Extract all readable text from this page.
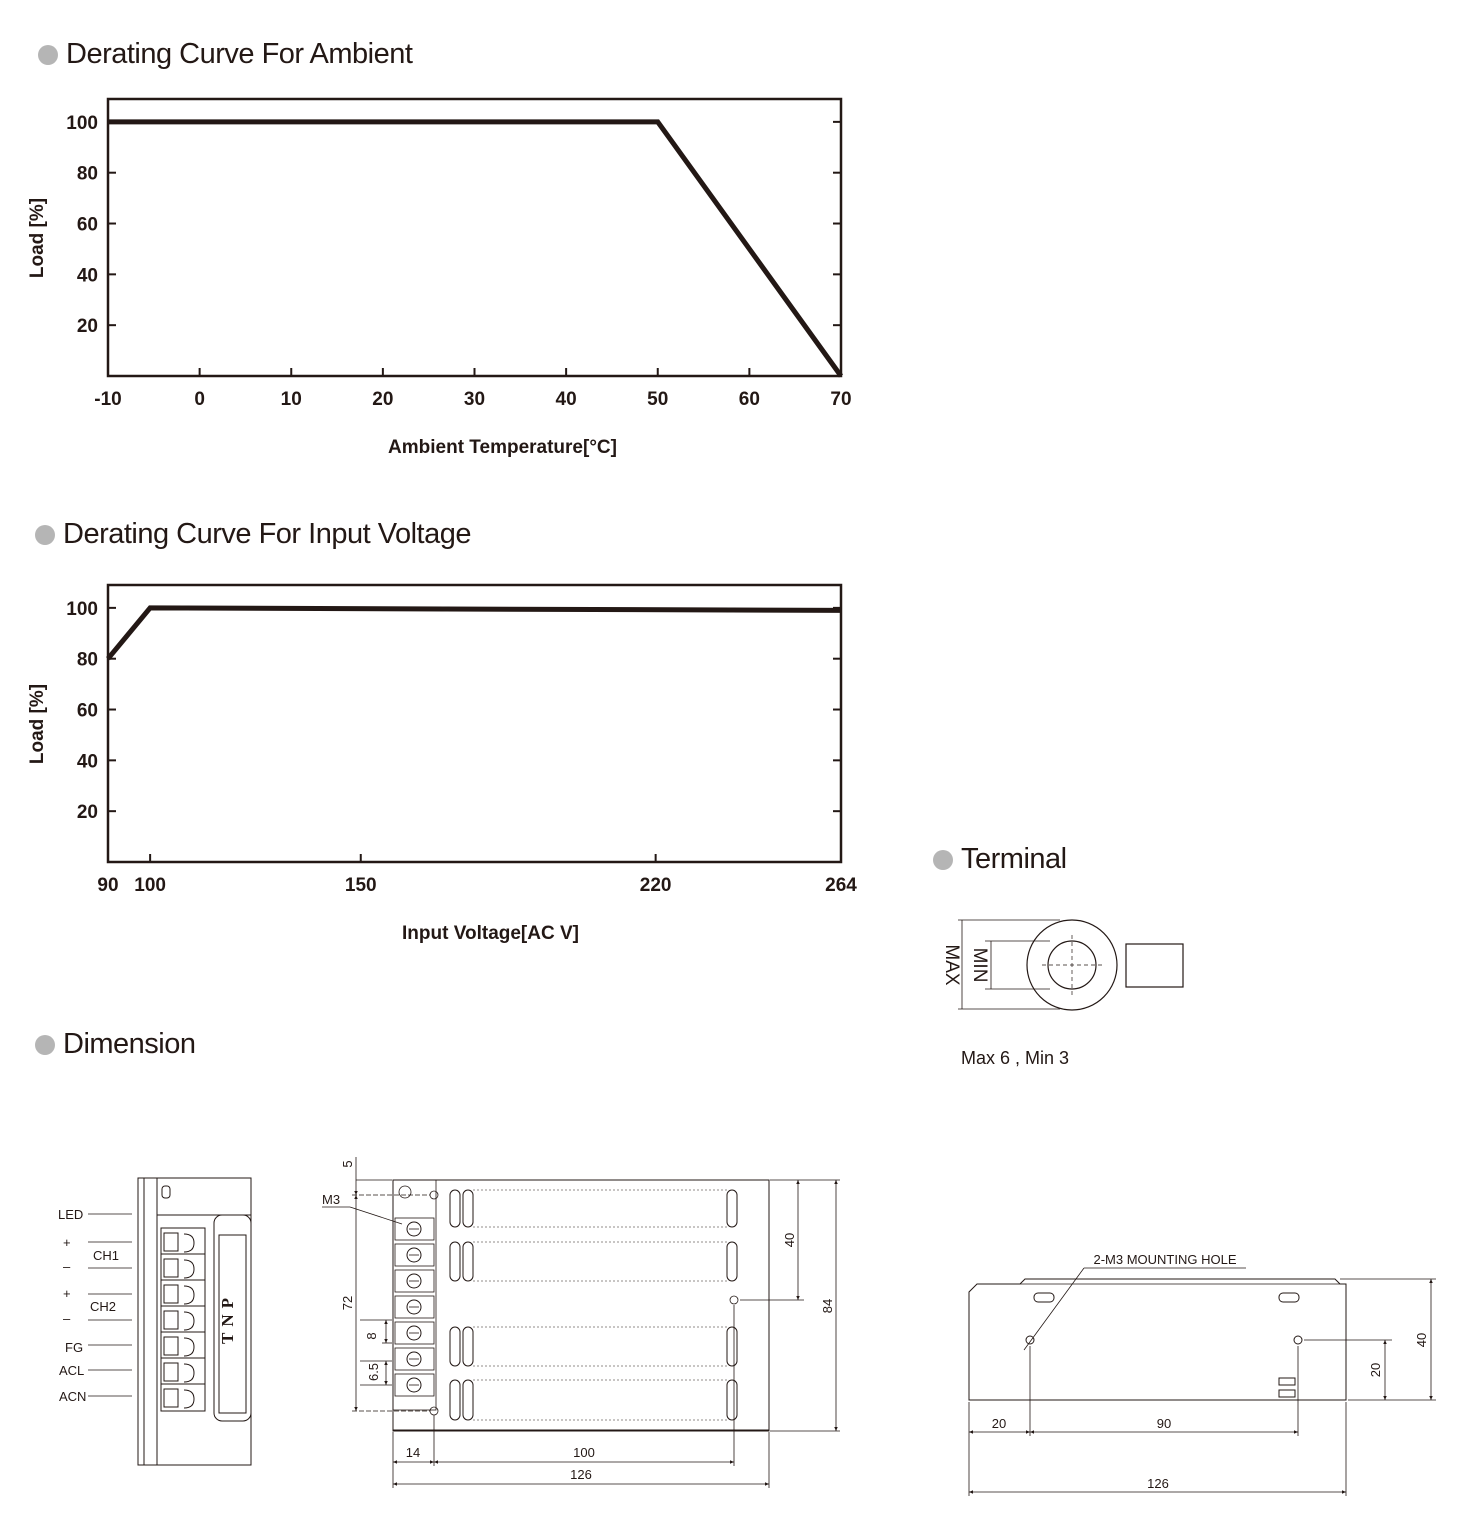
Derating Curve For Ambient
Derating Curve For Input Voltage
Dimension
Terminal
20
40
60
80
100
-10	0	10	20	30	40	50	60	70
Ambient Temperature[°C]
Load [%]
20
40
60
80
100
90 100	150	220	264
Input Voltage[AC V]
Load [%]
MAX MIN
Max 6 , Min 3
LED
+
CH1
–
+
CH2
–
FG
ACL
ACN
TNP
M3
5
72
8
6.5
40
84
14	100
126
2-M3 MOUNTING HOLE
20	90
126
20
40
